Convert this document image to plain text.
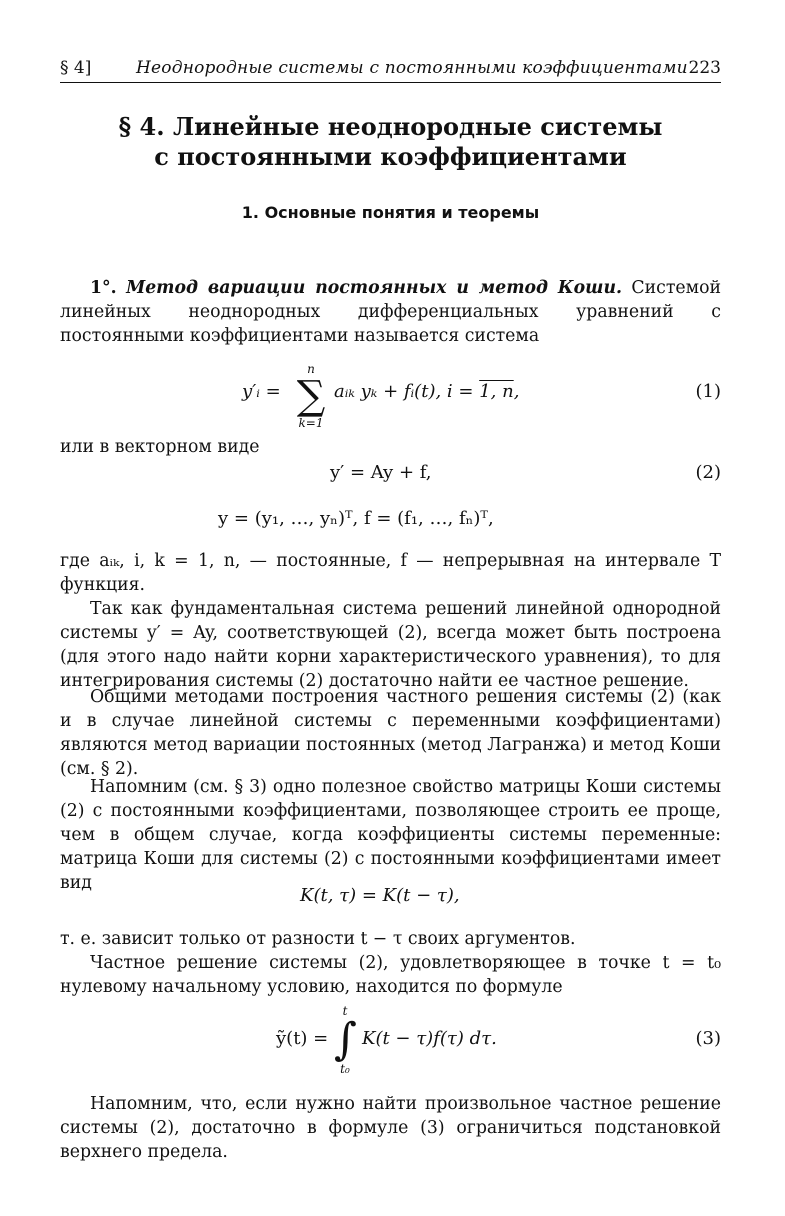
§ 4]	Неоднородные системы с постоянными коэффициентами 223
§ 4. Линейные неоднородные системы
с постоянными коэффициентами
1. Основные понятия и теоремы
1°. Метод вариации постоянных и метод Коши. Системой линейных неоднородных дифференциальных уравнений с постоянными коэффициентами называется система
y′ᵢ =
n
∑
k=1
aᵢₖ yₖ + fᵢ(t), i = 1, n,	(1)
или в векторном виде
y′ = Ay + f,	(2)
y = (y₁, …, yₙ)ᵀ, f = (f₁, …, fₙ)ᵀ,
где aᵢₖ, i, k = 1, n, — постоянные, f — непрерывная на интервале T функция.
Так как фундаментальная система решений линейной однородной системы y′ = Ay, соответствующей (2), всегда может быть построена (для этого надо найти корни характеристического уравнения), то для интегрирования системы (2) достаточно найти ее частное решение.
Общими методами построения частного решения системы (2) (как и в случае линейной системы с переменными коэффициентами) являются метод вариации постоянных (метод Лагранжа) и метод Коши (см. § 2).
Напомним (см. § 3) одно полезное свойство матрицы Коши системы (2) с постоянными коэффициентами, позволяющее строить ее проще, чем в общем случае, когда коэффициенты системы переменные: матрица Коши для системы (2) с постоянными коэффициентами имеет вид
K(t, τ) = K(t − τ),
т. е. зависит только от разности t − τ своих аргументов.
Частное решение системы (2), удовлетворяющее в точке t = t₀ нулевому начальному условию, находится по формуле
ỹ(t) =
t
∫
t₀
K(t − τ)f(τ) dτ.	(3)
Напомним, что, если нужно найти произвольное частное решение системы (2), достаточно в формуле (3) ограничиться подстановкой верхнего предела.
